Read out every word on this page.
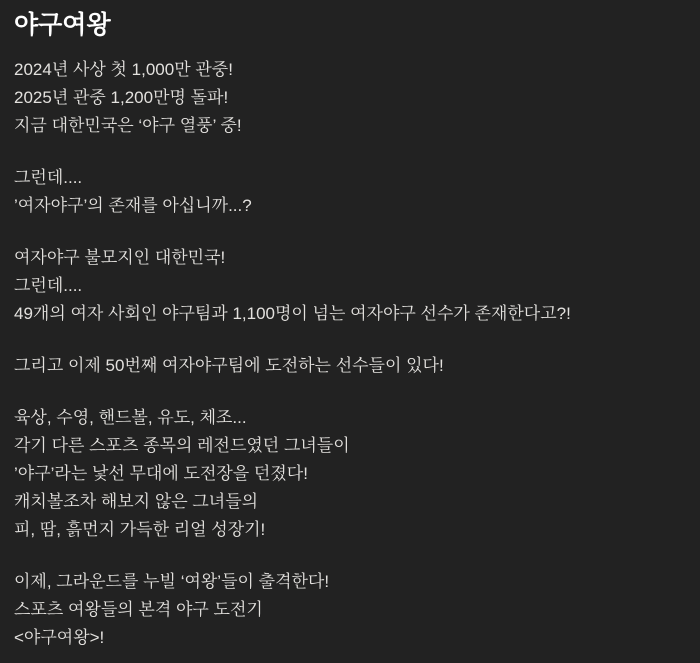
야구여왕

2024년 사상 첫 1,000만 관중!
2025년 관중 1,200만명 돌파!
지금 대한민국은 ‘야구 열풍’ 중!

그런데....
’여자야구’의 존재를 아십니까...?

여자야구 불모지인 대한민국!
그런데....
49개의 여자 사회인 야구팀과 1,100명이 넘는 여자야구 선수가 존재한다고?!

그리고 이제 50번째 여자야구팀에 도전하는 선수들이 있다!

육상, 수영, 핸드볼, 유도, 체조...
각기 다른 스포츠 종목의 레전드였던 그녀들이
’야구’라는 낯선 무대에 도전장을 던졌다!
캐치볼조차 해보지 않은 그녀들의
피, 땀, 흙먼지 가득한 리얼 성장기!

이제, 그라운드를 누빌 ‘여왕’들이 출격한다!
스포츠 여왕들의 본격 야구 도전기
<야구여왕>!
